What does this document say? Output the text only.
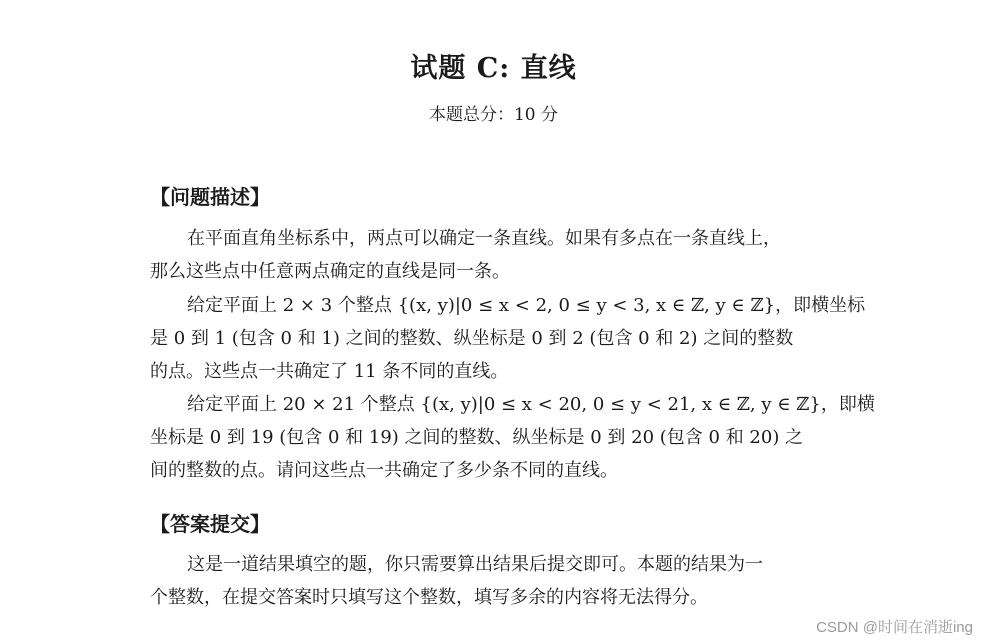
试题 C: 直线
本题总分：10 分
【问题描述】
在平面直角坐标系中，两点可以确定一条直线。如果有多点在一条直线上，
那么这些点中任意两点确定的直线是同一条。
给定平面上 2 × 3 个整点 {(x, y)|0 ≤ x < 2, 0 ≤ y < 3, x ∈ ℤ, y ∈ ℤ}，即横坐标
是 0 到 1 (包含 0 和 1) 之间的整数、纵坐标是 0 到 2 (包含 0 和 2) 之间的整数
的点。这些点一共确定了 11 条不同的直线。
给定平面上 20 × 21 个整点 {(x, y)|0 ≤ x < 20, 0 ≤ y < 21, x ∈ ℤ, y ∈ ℤ}，即横
坐标是 0 到 19 (包含 0 和 19) 之间的整数、纵坐标是 0 到 20 (包含 0 和 20) 之
间的整数的点。请问这些点一共确定了多少条不同的直线。
【答案提交】
这是一道结果填空的题，你只需要算出结果后提交即可。本题的结果为一
个整数，在提交答案时只填写这个整数，填写多余的内容将无法得分。
CSDN @时间在消逝ing
